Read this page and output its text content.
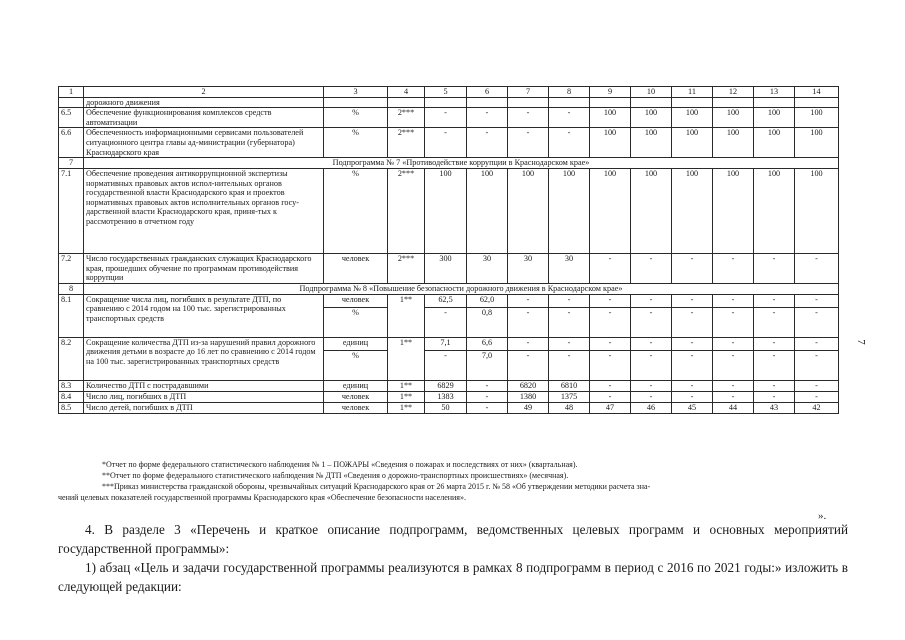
1	2	3	4	5	6	7	8	9	10	11	12	13	14
	дорожного движения												
6.5	Обеспечение функционирования комплексов средств автоматизации	%	2***	-	-	-	-	100	100	100	100	100	100
6.6	Обеспеченность информационными сервисами пользователей ситуационного центра главы ад-министрации (губернатора) Краснодарского края	%	2***	-	-	-	-	100	100	100	100	100	100
7	Подпрограмма № 7 «Противодействие коррупции в Краснодарском крае»												
7.1	Обеспечение проведения антикоррупционной экспертизы нормативных правовых актов испол-нительных органов государственной власти Краснодарского края и проектов нормативных правовых актов исполнительных органов госу-дарственной власти Краснодарского края, приня-тых к рассмотрению в отчетном году	%	2***	100	100	100	100	100	100	100	100	100	100
7.2	Число государственных гражданских служащих Краснодарского края, прошедших обучение по программам противодействия коррупции	человек	2***	300	30	30	30	-	-	-	-	-	-
8	Подпрограмма № 8 «Повышение безопасности дорожного движения в Краснодарском крае»												
8.1	Сокращение числа лиц, погибших в результате ДТП, по сравнению с 2014 годом на 100 тыс. зарегистрированных транспортных средств	человек	1**	62,5	62,0	-	-	-	-	-	-	-	-
		%		-	0,8	-	-	-	-	-	-	-	-
8.2	Сокращение количества ДТП из-за нарушений правил дорожного движения детьми в возрасте до 16 лет по сравнению с 2014 годом на 100 тыс. зарегистрированных транспортных средств	единиц	1**	7,1	6,6	-	-	-	-	-	-	-	-
		%		-	7,0	-	-	-	-	-	-	-	-
8.3	Количество ДТП с пострадавшими	единиц	1**	6829	-	6820	6810	-	-	-	-	-	-
8.4	Число лиц, погибших в ДТП	человек	1**	1383	-	1380	1375	-	-	-	-	-	-
8.5	Число детей, погибших в ДТП	человек	1**	50	-	49	48	47	46	45	44	43	42
*Отчет по форме федерального статистического наблюдения № 1 – ПОЖАРЫ «Сведения о пожарах и последствиях от них» (квартальная).
**Отчет по форме федерального статистического наблюдения № ДТП «Сведения о дорожно-транспортных происшествиях» (месячная).
***Приказ министерства гражданской обороны, чрезвычайных ситуаций Краснодарского края от 26 марта 2015 г. № 58 «Об утверждении методики расчета зна-
чений целевых показателей государственной программы Краснодарского края «Обеспечение безопасности населения».
».
4. В разделе 3 «Перечень и краткое описание подпрограмм, ведомственных целевых программ и основных мероприятий государственной программы»:
1) абзац «Цель и задачи государственной программы реализуются в рамках 8 подпрограмм в период с 2016 по 2021 годы:» изложить в следующей редакции:
7
